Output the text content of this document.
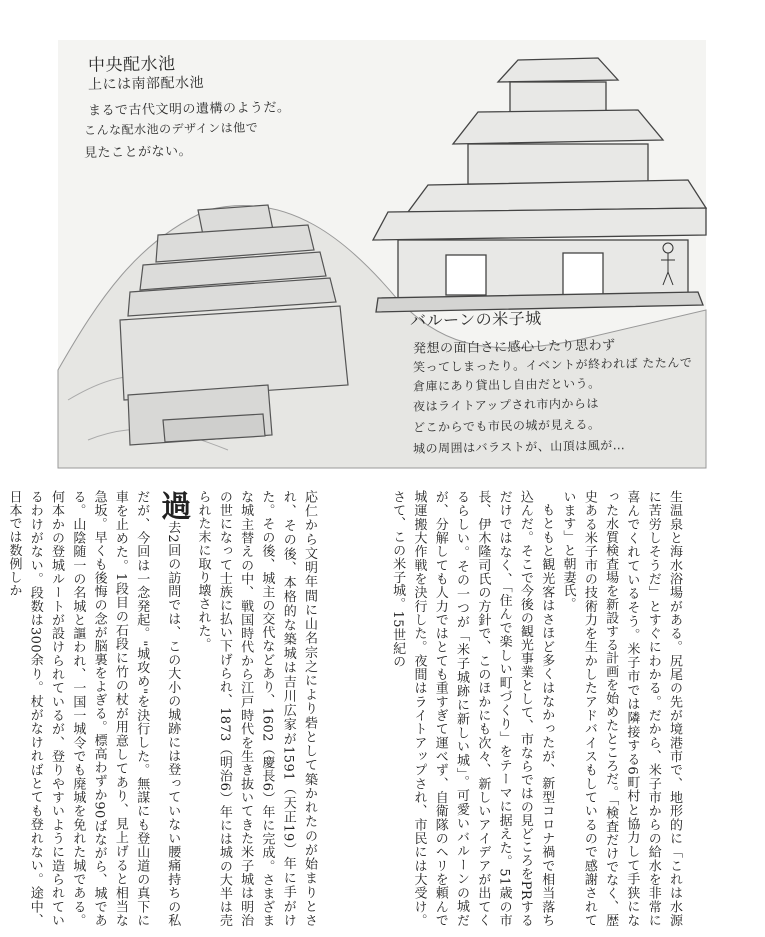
中央配水池
上には南部配水池
まるで古代文明の遺構のようだ。
こんな配水池のデザインは他で
見たことがない。
バルーンの米子城
発想の面白さに感心したり思わず
笑ってしまったり。イベントが終われば たたんで
倉庫にあり貸出し自由だという。
夜はライトアップされ市内からは
どこからでも市民の城が見える。
城の周囲はバラストが、山頂は風が…

生温泉と海水浴場がある。尻尾の先が境港市で、地形的に「これは水源に苦労しそうだ」とすぐにわかる。だから、米子市からの給水を非常に喜んでくれているそう。米子市では隣接する6町村と協力して手狭になった水質検査場を新設する計画を始めたところだ。「検査だけでなく、歴史ある米子市の技術力を生かしたアドバイスもしているので感謝されています」と朝妻氏。

もともと観光客はさほど多くはなかったが、新型コロナ禍で相当落ち込んだ。そこで今後の観光事業として、市ならではの見どころをPRするだけではなく、「住んで楽しい町づくり」をテーマに据えた。51歳の市長、伊木隆司氏の方針で、このほかにも次々、新しいアイデアが出てくるらしい。その一つが「米子城跡に新しい城」。可愛いバルーンの城だが、分解しても人力ではとても重すぎて運べず、自衛隊のヘリを頼んで城運搬大作戦を決行した。夜間はライトアップされ、市民には大受け。さて、この米子城。15世紀の

応仁から文明年間に山名宗之により砦として築かれたのが始まりとされ、その後、本格的な築城は吉川広家が1591（天正19）年に手がけた。その後、城主の交代などあり、1602（慶長6）年に完成。さまざまな城主替えの中、戦国時代から江戸時代を生き抜いてきた米子城は明治の世になって士族に払い下げられ、1873（明治6）年には城の大半は売られた末に取り壊された。

過去2回の訪問では、この大小の城跡には登っていない腰痛持ちの私だが、今回は一念発起。"城攻め"を決行した。無謀にも登山道の真下に車を止めた。1段目の石段に竹の杖が用意してあり、見上げると相当な急坂。早くも後悔の念が脳裏をよぎる。標高わずか90ばながら、城である。山陰随一の名城と謳われ、一国一城令でも廃城を免れた城である。何本かの登城ルートが設けられているが、登りやすいように造られているわけがない。段数は300余り。杖がなければとても登れない。途中、日本では数例しか
